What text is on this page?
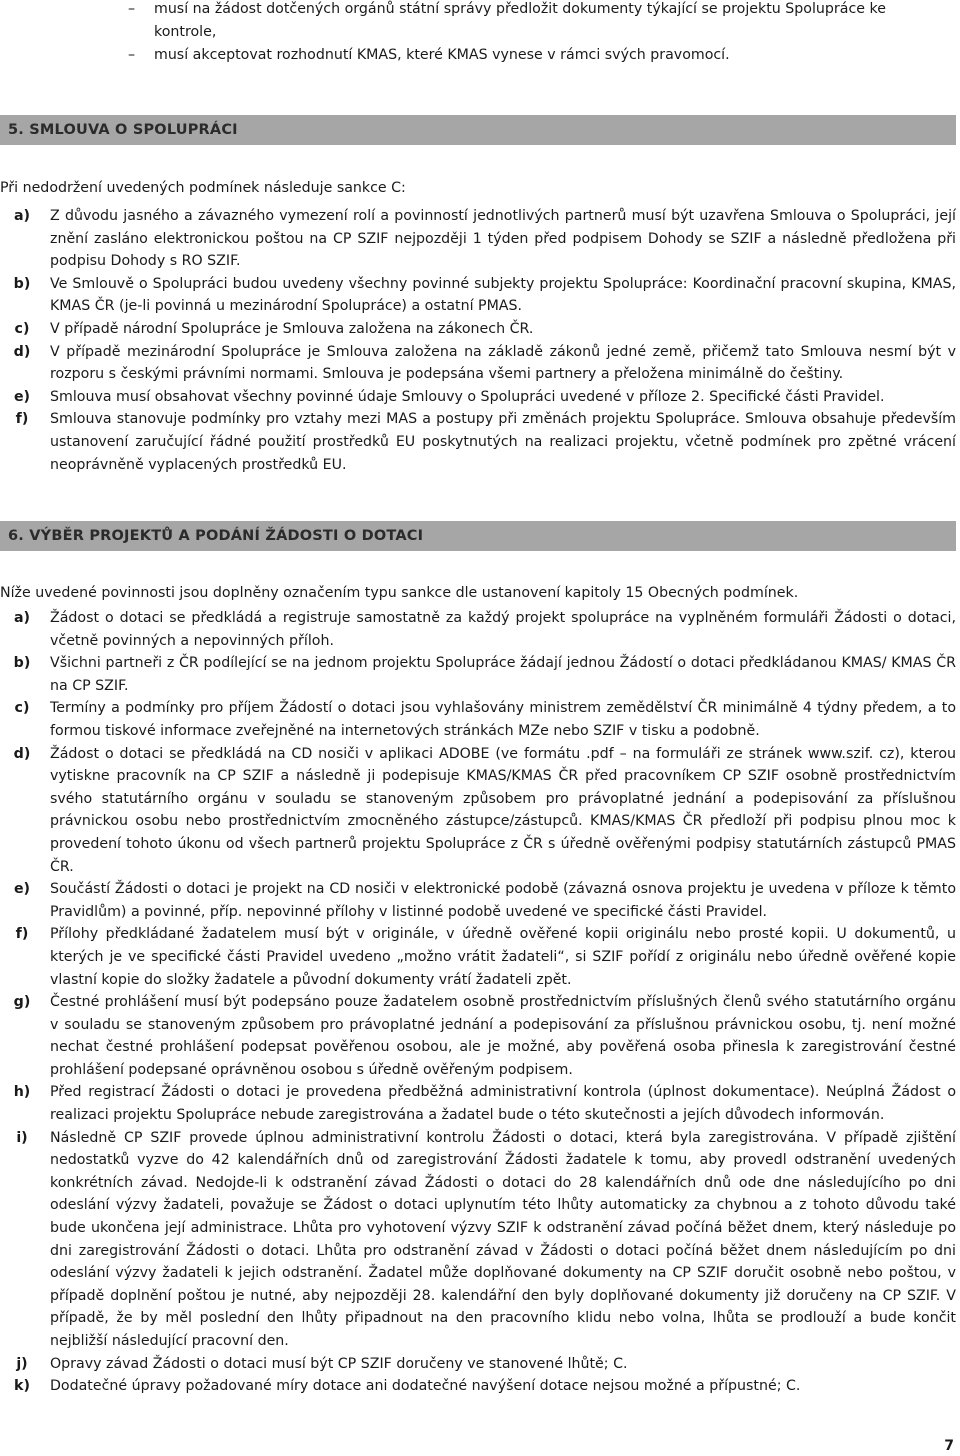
– musí na žádost dotčených orgánů státní správy předložit dokumenty týkající se projektu Spolupráce ke
kontrole,
– musí akceptovat rozhodnutí KMAS, které KMAS vynese v rámci svých pravomocí.
5. SMLOUVA O SPOLUPRÁCI
Při nedodržení uvedených podmínek následuje sankce C:
a)	Z důvodu jasného a závazného vymezení rolí a povinností jednotlivých partnerů musí být uzavřena Smlouva o Spolupráci, její znění zasláno elektronickou poštou na CP SZIF nejpozději 1 týden před podpisem Dohody se SZIF a následně předložena při podpisu Dohody s RO SZIF.
b)	Ve Smlouvě o Spolupráci budou uvedeny všechny povinné subjekty projektu Spolupráce: Koordinační pracovní skupina, KMAS, KMAS ČR (je-li povinná u mezinárodní Spolupráce) a ostatní PMAS.
c)	V případě národní Spolupráce je Smlouva založena na zákonech ČR.
d)	V případě mezinárodní Spolupráce je Smlouva založena na základě zákonů jedné země, přičemž tato Smlouva nesmí být v rozporu s českými právními normami. Smlouva je podepsána všemi partnery a přeložena minimálně do češtiny.
e)	Smlouva musí obsahovat všechny povinné údaje Smlouvy o Spolupráci uvedené v příloze 2. Specifické části Pravidel.
f)	Smlouva stanovuje podmínky pro vztahy mezi MAS a postupy při změnách projektu Spolupráce. Smlouva obsahuje především ustanovení zaručující řádné použití prostředků EU poskytnutých na realizaci projektu, včetně podmínek pro zpětné vrácení neoprávněně vyplacených prostředků EU.
6. VÝBĚR PROJEKTŮ A PODÁNÍ ŽÁDOSTI O DOTACI
Níže uvedené povinnosti jsou doplněny označením typu sankce dle ustanovení kapitoly 15 Obecných podmínek.
a)	Žádost o dotaci se předkládá a registruje samostatně za každý projekt spolupráce na vyplněném formuláři Žádosti o dotaci, včetně povinných a nepovinných příloh.
b)	Všichni partneři z ČR podílející se na jednom projektu Spolupráce žádají jednou Žádostí o dotaci předkládanou KMAS/ KMAS ČR na CP SZIF.
c)	Termíny a podmínky pro příjem Žádostí o dotaci jsou vyhlašovány ministrem zemědělství ČR minimálně 4 týdny předem, a to formou tiskové informace zveřejněné na internetových stránkách MZe nebo SZIF v tisku a podobně.
d)	Žádost o dotaci se předkládá na CD nosiči v aplikaci ADOBE (ve formátu .pdf – na formuláři ze stránek www.szif. cz), kterou vytiskne pracovník na CP SZIF a následně ji podepisuje KMAS/KMAS ČR před pracovníkem CP SZIF osobně prostřednictvím svého statutárního orgánu v souladu se stanoveným způsobem pro právoplatné jednání a podepisování za příslušnou právnickou osobu nebo prostřednictvím zmocněného zástupce/zástupců. KMAS/KMAS ČR předloží při podpisu plnou moc k provedení tohoto úkonu od všech partnerů projektu Spolupráce z ČR s úředně ověřenými podpisy statutárních zástupců PMAS ČR.
e)	Součástí Žádosti o dotaci je projekt na CD nosiči v elektronické podobě (závazná osnova projektu je uvedena v příloze k těmto Pravidlům) a povinné, příp. nepovinné přílohy v listinné podobě uvedené ve specifické části Pravidel.
f)	Přílohy předkládané žadatelem musí být v originále, v úředně ověřené kopii originálu nebo prosté kopii. U dokumentů, u kterých je ve specifické části Pravidel uvedeno „možno vrátit žadateli“, si SZIF pořídí z originálu nebo úředně ověřené kopie vlastní kopie do složky žadatele a původní dokumenty vrátí žadateli zpět.
g)	Čestné prohlášení musí být podepsáno pouze žadatelem osobně prostřednictvím příslušných členů svého statutárního orgánu v souladu se stanoveným způsobem pro právoplatné jednání a podepisování za příslušnou právnickou osobu, tj. není možné nechat čestné prohlášení podepsat pověřenou osobou, ale je možné, aby pověřená osoba přinesla k zaregistrování čestné prohlášení podepsané oprávněnou osobou s úředně ověřeným podpisem.
h)	Před registrací Žádosti o dotaci je provedena předběžná administrativní kontrola (úplnost dokumentace). Neúplná Žádost o realizaci projektu Spolupráce nebude zaregistrována a žadatel bude o této skutečnosti a jejích důvodech informován.
i)	Následně CP SZIF provede úplnou administrativní kontrolu Žádosti o dotaci, která byla zaregistrována. V případě zjištění nedostatků vyzve do 42 kalendářních dnů od zaregistrování Žádosti žadatele k tomu, aby provedl odstranění uvedených konkrétních závad. Nedojde-li k odstranění závad Žádosti o dotaci do 28 kalendářních dnů ode dne následujícího po dni odeslání výzvy žadateli, považuje se Žádost o dotaci uplynutím této lhůty automaticky za chybnou a z tohoto důvodu také bude ukončena její administrace. Lhůta pro vyhotovení výzvy SZIF k odstranění závad počíná běžet dnem, který následuje po dni zaregistrování Žádosti o dotaci. Lhůta pro odstranění závad v Žádosti o dotaci počíná běžet dnem následujícím po dni odeslání výzvy žadateli k jejich odstranění. Žadatel může doplňované dokumenty na CP SZIF doručit osobně nebo poštou, v případě doplnění poštou je nutné, aby nejpozději 28. kalendářní den byly doplňované dokumenty již doručeny na CP SZIF. V případě, že by měl poslední den lhůty připadnout na den pracovního klidu nebo volna, lhůta se prodlouží a bude končit nejbližší následující pracovní den.
j)	Opravy závad Žádosti o dotaci musí být CP SZIF doručeny ve stanovené lhůtě; C.
k)	Dodatečné úpravy požadované míry dotace ani dodatečné navýšení dotace nejsou možné a přípustné; C.
7
